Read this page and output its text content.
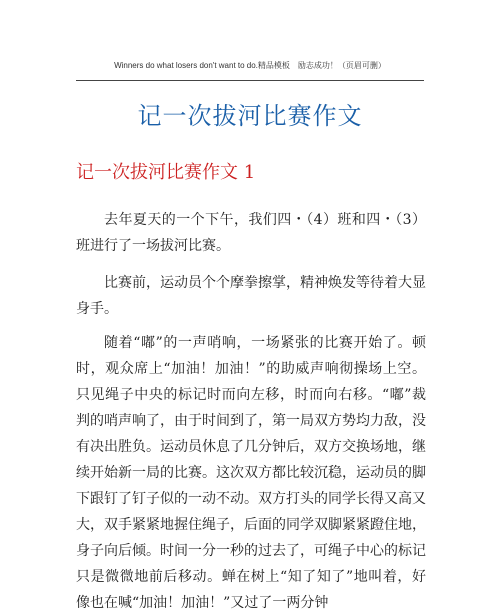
Winners do what losers don't want to do.精品模板　励志成功！（页眉可删）
记一次拔河比赛作文
记一次拔河比赛作文 1

去年夏天的一个下午，我们四・（4）班和四・（3）班进行了一场拔河比赛。

比赛前，运动员个个摩拳擦掌，精神焕发等待着大显身手。

随着“嘟”的一声哨响，一场紧张的比赛开始了。顿时，观众席上“加油！加油！”的助威声响彻操场上空。只见绳子中央的标记时而向左移，时而向右移。“嘟”裁判的哨声响了，由于时间到了，第一局双方势均力敌，没有决出胜负。运动员休息了几分钟后，双方交换场地，继续开始新一局的比赛。这次双方都比较沉稳，运动员的脚下跟钉了钉子似的一动不动。双方打头的同学长得又高又大，双手紧紧地握住绳子，后面的同学双脚紧紧蹬住地，身子向后倾。时间一分一秒的过去了，可绳子中心的标记只是微微地前后移动。蝉在树上“知了知了”地叫着，好像也在喊“加油！加油！”又过了一两分钟
